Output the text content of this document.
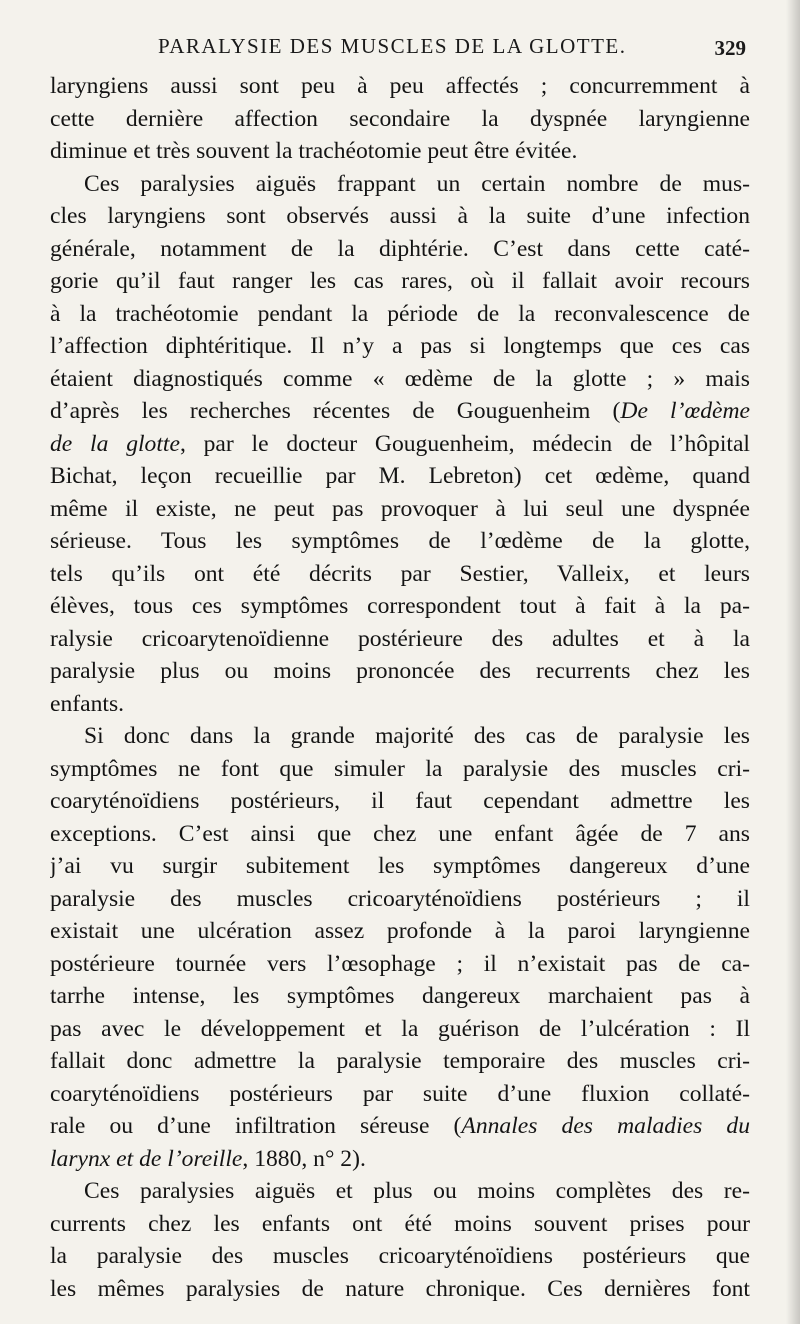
PARALYSIE DES MUSCLES DE LA GLOTTE.	329

laryngiens aussi sont peu à peu affectés ; concurremment à
cette dernière affection secondaire la dyspnée laryngienne
diminue et très souvent la trachéotomie peut être évitée.

Ces paralysies aiguës frappant un certain nombre de mus-
cles laryngiens sont observés aussi à la suite d’une infection
générale, notamment de la diphtérie. C’est dans cette caté-
gorie qu’il faut ranger les cas rares, où il fallait avoir recours
à la trachéotomie pendant la période de la reconvalescence de
l’affection diphtéritique. Il n’y a pas si longtemps que ces cas
étaient diagnostiqués comme « œdème de la glotte ; » mais
d’après les recherches récentes de Gouguenheim (De l’œdème
de la glotte, par le docteur Gouguenheim, médecin de l’hôpital
Bichat, leçon recueillie par M. Lebreton) cet œdème, quand
même il existe, ne peut pas provoquer à lui seul une dyspnée
sérieuse. Tous les symptômes de l’œdème de la glotte,
tels qu’ils ont été décrits par Sestier, Valleix, et leurs
élèves, tous ces symptômes correspondent tout à fait à la pa-
ralysie cricoarytenoïdienne postérieure des adultes et à la
paralysie plus ou moins prononcée des recurrents chez les
enfants.

Si donc dans la grande majorité des cas de paralysie les
symptômes ne font que simuler la paralysie des muscles cri-
coaryténoïdiens postérieurs, il faut cependant admettre les
exceptions. C’est ainsi que chez une enfant âgée de 7 ans
j’ai vu surgir subitement les symptômes dangereux d’une
paralysie des muscles cricoaryténoïdiens postérieurs ; il
existait une ulcération assez profonde à la paroi laryngienne
postérieure tournée vers l’œsophage ; il n’existait pas de ca-
tarrhe intense, les symptômes dangereux marchaient pas à
pas avec le développement et la guérison de l’ulcération : Il
fallait donc admettre la paralysie temporaire des muscles cri-
coaryténoïdiens postérieurs par suite d’une fluxion collaté-
rale ou d’une infiltration séreuse (Annales des maladies du
larynx et de l’oreille, 1880, n° 2).

Ces paralysies aiguës et plus ou moins complètes des re-
currents chez les enfants ont été moins souvent prises pour
la paralysie des muscles cricoaryténoïdiens postérieurs que
les mêmes paralysies de nature chronique. Ces dernières font
